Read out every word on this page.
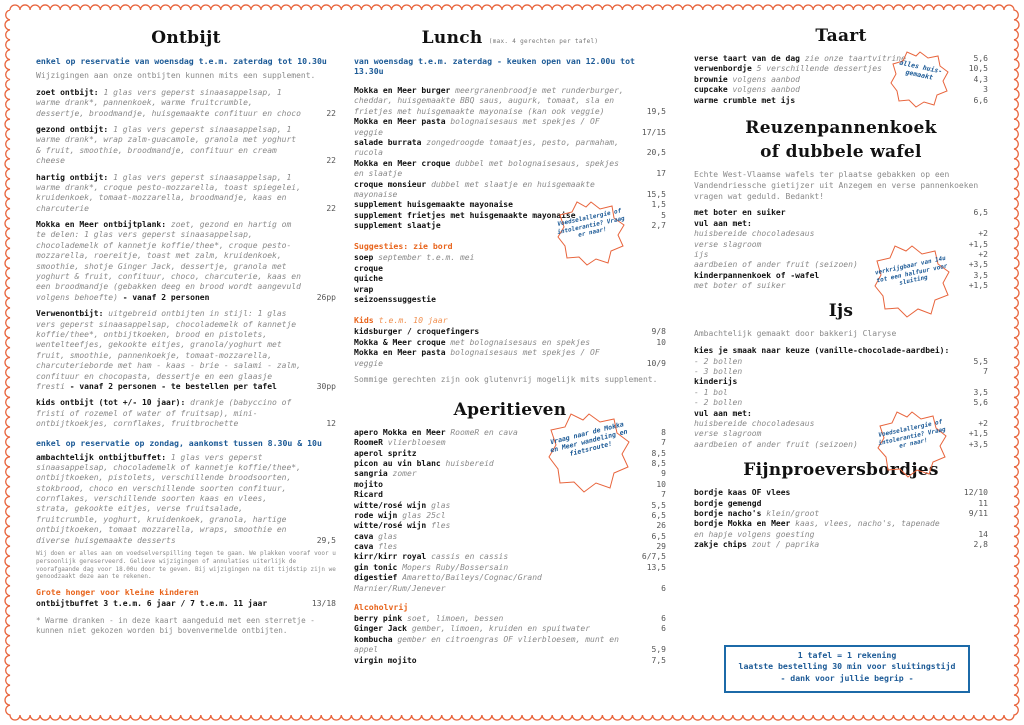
Ontbijt
enkel op reservatie van woensdag t.e.m. zaterdag tot 10.30u
Wijzigingen aan onze ontbijten kunnen mits een supplement.
zoet ontbijt: 1 glas vers geperst sinaasappelsap, 1 warme drank*, pannenkoek, warme fruitcrumble, dessertje, broodmandje, huisgemaakte confituur en choco	22
gezond ontbijt: 1 glas vers geperst sinaasappelsap, 1 warme drank*, wrap zalm-guacamole, granola met yoghurt & fruit, smoothie, broodmandje, confituur en cream cheese	22
hartig ontbijt: 1 glas vers geperst sinaasappelsap, 1 warme drank*, croque pesto-mozzarella, toast spiegelei, kruidenkoek, tomaat-mozzarella, broodmandje, kaas en charcuterie	22
Mokka en Meer ontbijtplank: zoet, gezond en hartig om te delen: 1 glas vers geperst sinaasappelsap, chocolademelk of kannetje koffie/thee*, croque pesto-mozzarella, roereitje, toast met zalm, kruidenkoek, smoothie, shotje Ginger Jack, dessertje, granola met yoghurt & fruit, confituur, choco, charcuterie, kaas en een broodmandje (gebakken deeg en brood wordt aangevuld volgens behoefte) - vanaf 2 personen	26pp
Verwenontbijt: uitgebreid ontbijten in stijl: 1 glas vers geperst sinaasappelsap, chocolademelk of kannetje koffie/thee*, ontbijtkoeken, brood en pistolets, wentelteefjes, gekookte eitjes, granola/yoghurt met fruit, smoothie, pannenkoekje, tomaat-mozzarella, charcuterieborde met ham - kaas - brie - salami - zalm, confituur en chocopasta, dessertje en een glaasje fresti - vanaf 2 personen - te bestellen per tafel	30pp
kids ontbijt (tot +/- 10 jaar): drankje (babyccino of fristi of rozemel of water of fruitsap), mini-ontbijtkoekjes, cornflakes, fruitbrochette	12
enkel op reservatie op zondag, aankomst tussen 8.30u & 10u
ambachtelijk ontbijtbuffet: 1 glas vers geperst sinaasappelsap, chocolademelk of kannetje koffie/thee*, ontbijtkoeken, pistolets, verschillende broodsoorten, stokbrood, choco en verschillende soorten confituur, cornflakes, verschillende soorten kaas en vlees, strata, gekookte eitjes, verse fruitsalade, fruitcrumble, yoghurt, kruidenkoek, granola, hartige ontbijtkoeken, tomaat mozzarella, wraps, smoothie en diverse huisgemaakte desserts	29,5
Wij doen er alles aan om voedselverspilling tegen te gaan. We plakken vooraf voor u persoonlijk gereserveerd. Gelieve wijzigingen of annulaties uiterlijk de voorafgaande dag voor 18.00u door te geven. Bij wijzigingen na dit tijdstip zijn we genoodzaakt deze aan te rekenen.
Grote honger voor kleine kinderen
ontbijtbuffet 3 t.e.m. 6 jaar / 7 t.e.m. 11 jaar	13/18
* Warme dranken - in deze kaart aangeduid met een sterretje - kunnen niet gekozen worden bij bovenvermelde ontbijten.
Lunch (max. 4 gerechten per tafel)
van woensdag t.e.m. zaterdag - keuken open van 12.00u tot 13.30u
Mokka en Meer burger meergranenbroodje met runderburger, cheddar, huisgemaakte BBQ saus, augurk, tomaat, sla en frietjes met huisgemaakte mayonaise (kan ook veggie)	19,5
Mokka en Meer pasta bolognaisesaus met spekjes / OF veggie	17/15
salade burrata zongedroogde tomaatjes, pesto, parmaham, rucola	20,5
Mokka en Meer croque dubbel met bolognaisesaus, spekjes en slaatje	17
croque monsieur dubbel met slaatje en huisgemaakte mayonaise	15,5
supplement huisgemaakte mayonaise	1,5
supplement frietjes met huisgemaakte mayonaise	5
supplement slaatje	2,7
Suggesties: zie bord
soep september t.e.m. mei
croque
quiche
wrap
seizoenssuggestie
Kids t.e.m. 10 jaar
kidsburger / croquefingers	9/8
Mokka & Meer croque met bolognaisesaus en spekjes	10
Mokka en Meer pasta bolognaisesaus met spekjes / OF veggie	10/9
Sommige gerechten zijn ook glutenvrij mogelijk mits supplement.
Aperitieven
apero Mokka en Meer RoomeR en cava	8
RoomeR vlierbloesem	7
aperol spritz	8,5
picon au vin blanc huisbereid	8,5
sangria zomer	9
mojito	10
Ricard	7
witte/rosé wijn glas	5,5
rode wijn glas 25cl	6,5
witte/rosé wijn fles	26
cava glas	6,5
cava fles	29
kirr/kirr royal cassis en cassis	6/7,5
gin tonic Mopers Ruby/Bossersain	13,5
digestief Amaretto/Baileys/Cognac/Grand Marnier/Rum/Jenever	6
Alcoholvrij
berry pink soet, limoen, bessen	6
Ginger Jack gember, limoen, kruiden en spuitwater	6
kombucha gember en citroengras OF vlierbloesem, munt en appel	5,9
virgin mojito	7,5
Taart
verse taart van de dag zie onze taartvitrine	5,6
verwenbordje 5 verschillende dessertjes	10,5
brownie volgens aanbod	4,3
cupcake volgens aanbod	3
warme crumble met ijs	6,6
Reuzenpannenkoek
of dubbele wafel
Echte West-Vlaamse wafels ter plaatse gebakken op een Vandendriessche gietijzer uit Anzegem en verse pannenkoeken vragen wat geduld. Bedankt!
met boter en suiker	6,5
vul aan met:
huisbereide chocoladesaus	+2
verse slagroom	+1,5
ijs	+2
aardbeien of ander fruit (seizoen)	+3,5
kinderpannenkoek of -wafel	3,5
met boter of suiker	+1,5
Ijs
Ambachtelijk gemaakt door bakkerij Claryse
kies je smaak naar keuze (vanille-chocolade-aardbei):
- 2 bollen	5,5
- 3 bollen	7
kinderijs
- 1 bol	3,5
- 2 bollen	5,6
vul aan met:
huisbereide chocoladesaus	+2
verse slagroom	+1,5
aardbeien of ander fruit (seizoen)	+3,5
Fijnproeversbordjes
bordje kaas OF vlees	12/10
bordje gemengd	11
bordje nacho's klein/groot	9/11
bordje Mokka en Meer kaas, vlees, nacho's, tapenade
en hapje volgens goesting	14
zakje chips zout / paprika	2,8
alles huis- gemaakt
Voedselallergie of intolerantie? Vraag er naar!
Vraag naar de Mokka en Meer wandeling en fietsroute!
verkrijgbaar van 14u tot een halfuur voor sluiting
Voedselallergie of intolerantie? Vraag er naar!
1 tafel = 1 rekening
laatste bestelling 30 min voor sluitingstijd
- dank voor jullie begrip -
